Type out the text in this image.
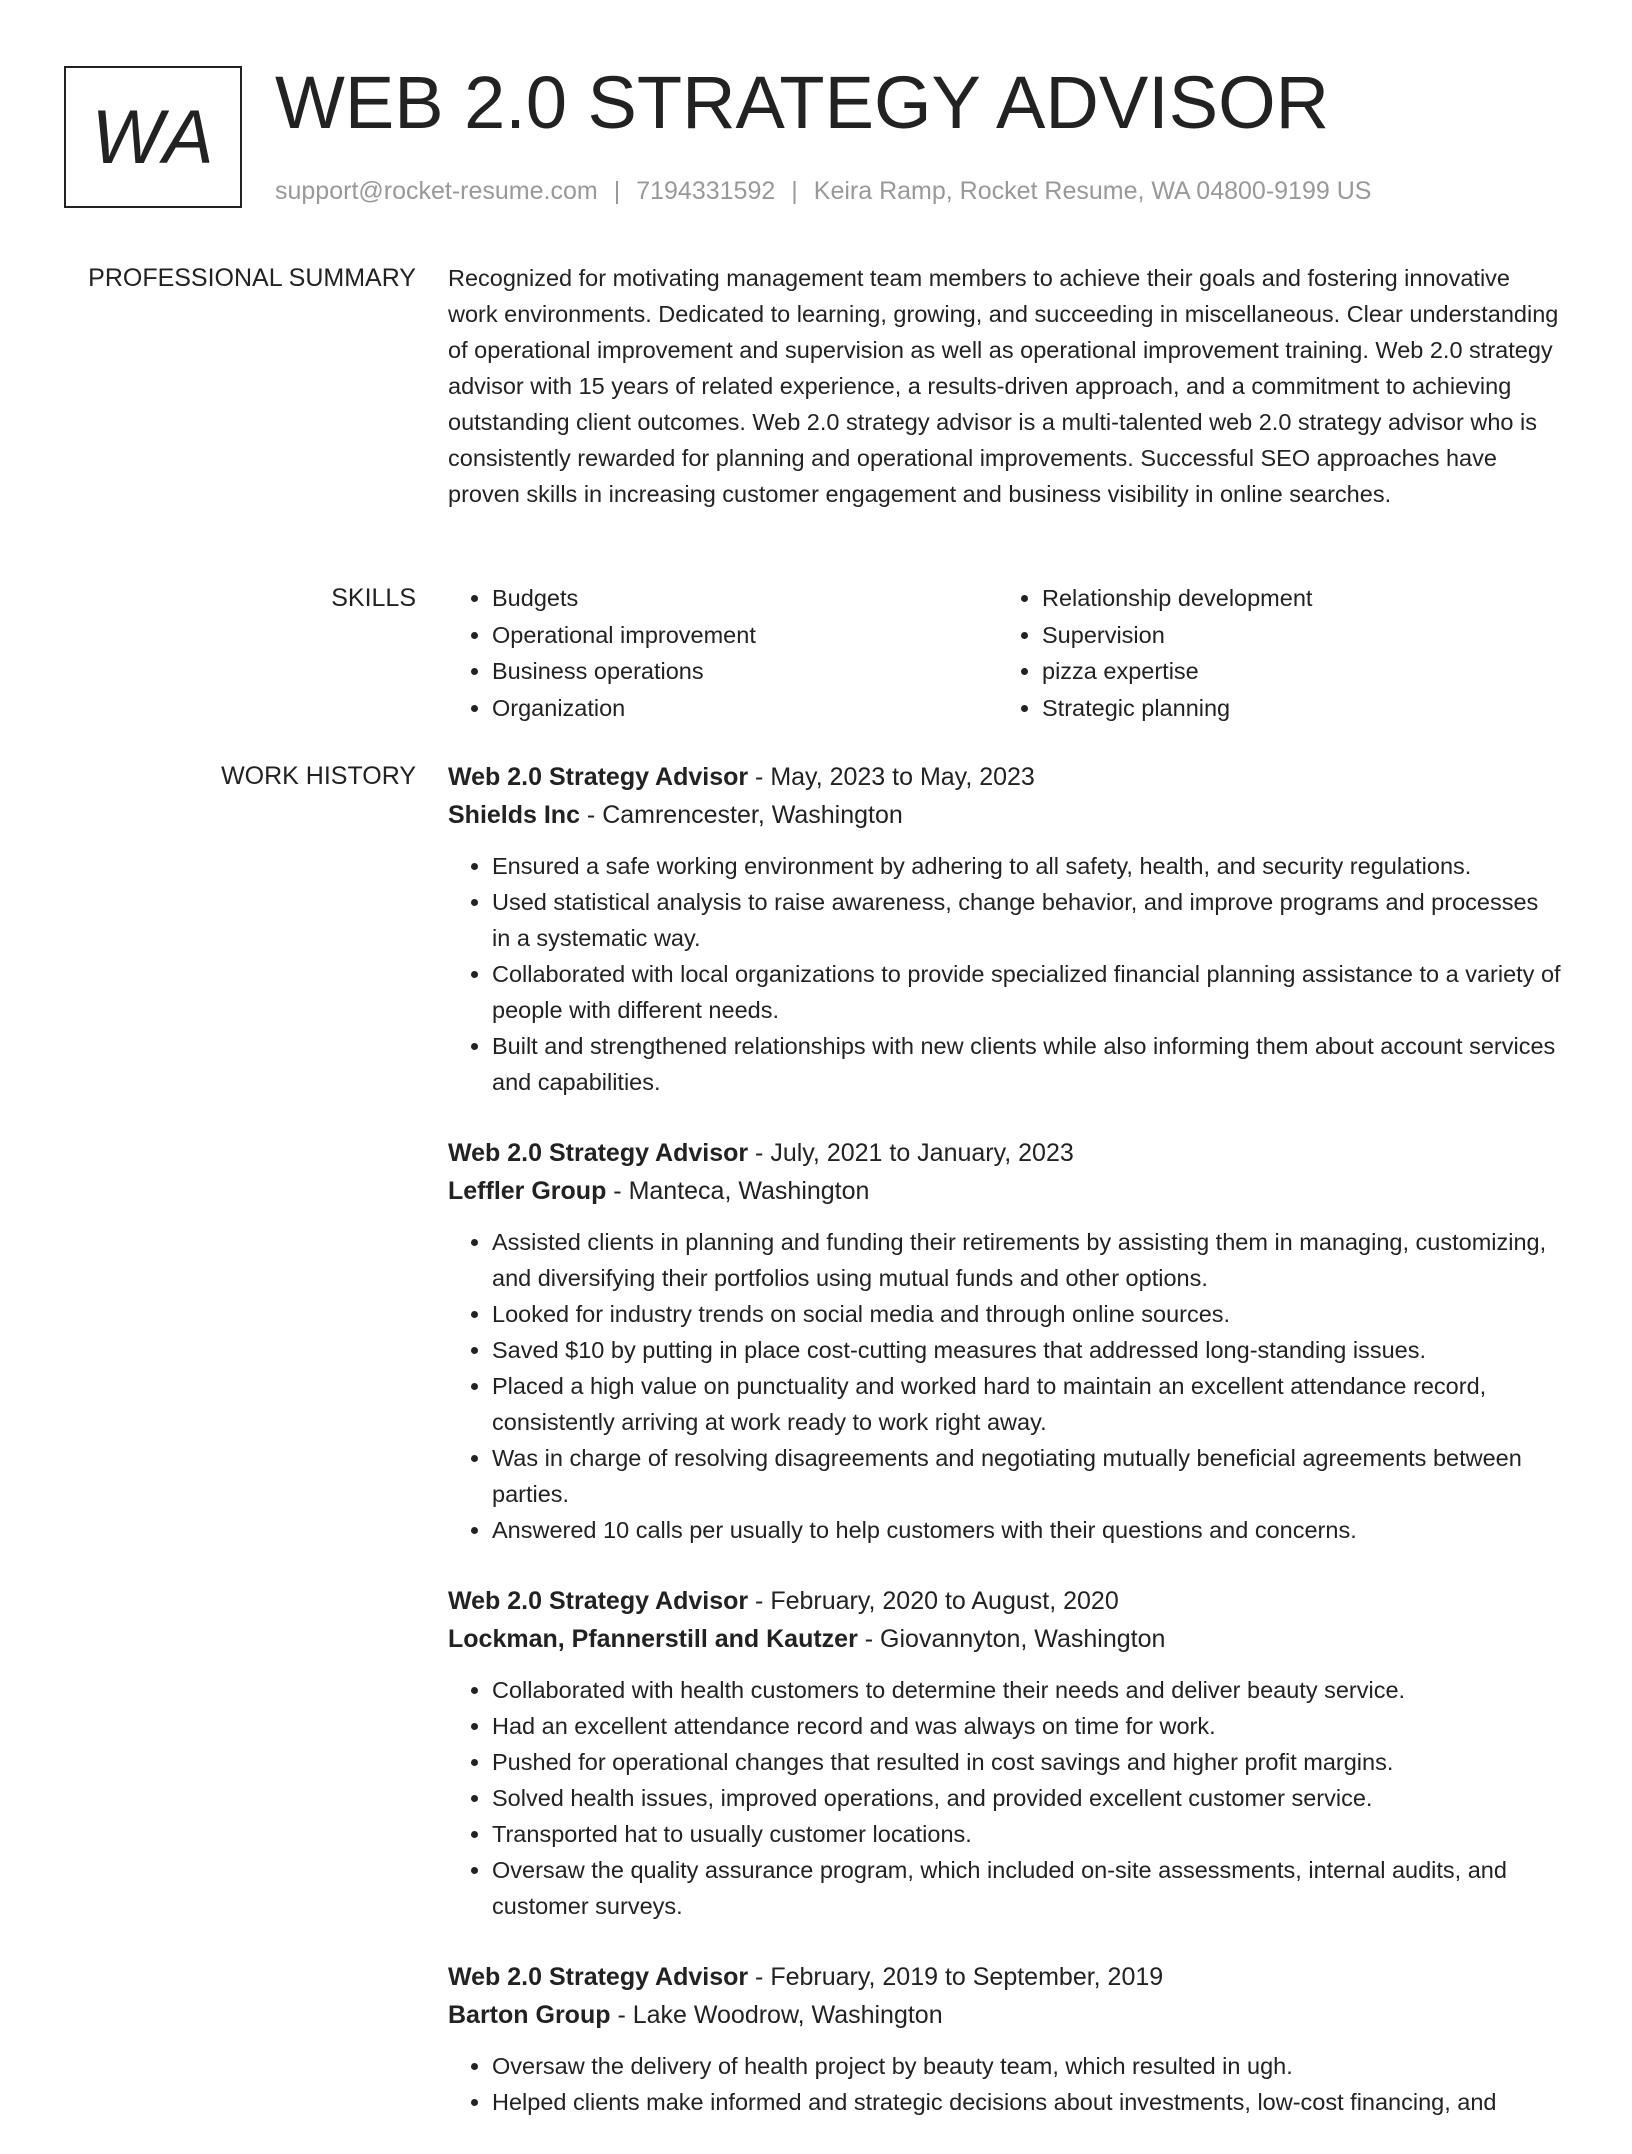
WA WEB 2.0 STRATEGY ADVISOR
support@rocket-resume.com | 7194331592 | Keira Ramp, Rocket Resume, WA 04800-9199 US
PROFESSIONAL SUMMARY Recognized for motivating management team members to achieve their goals and fostering innovative work environments. Dedicated to learning, growing, and succeeding in miscellaneous. Clear understanding of operational improvement and supervision as well as operational improvement training. Web 2.0 strategy advisor with 15 years of related experience, a results-driven approach, and a commitment to achieving outstanding client outcomes. Web 2.0 strategy advisor is a multi-talented web 2.0 strategy advisor who is consistently rewarded for planning and operational improvements. Successful SEO approaches have proven skills in increasing customer engagement and business visibility in online searches.

SKILLS
•	Budgets
• Operational improvement
• Business operations
• Organization
• Relationship development
• Supervision
• pizza expertise
• Strategic planning
WORK HISTORY Web 2.0 Strategy Advisor - May, 2023 to May, 2023
Shields Inc - Camrencester, Washington
• Ensured a safe working environment by adhering to all safety, health, and security regulations.
• Used statistical analysis to raise awareness, change behavior, and improve programs and processes in a systematic way.
• Collaborated with local organizations to provide specialized financial planning assistance to a variety of people with different needs.
• Built and strengthened relationships with new clients while also informing them about account services and capabilities.
Web 2.0 Strategy Advisor - July, 2021 to January, 2023
Leffler Group - Manteca, Washington
• Assisted clients in planning and funding their retirements by assisting them in managing, customizing, and diversifying their portfolios using mutual funds and other options.
• Looked for industry trends on social media and through online sources.
• Saved $10 by putting in place cost-cutting measures that addressed long-standing issues.
• Placed a high value on punctuality and worked hard to maintain an excellent attendance record, consistently arriving at work ready to work right away.
• Was in charge of resolving disagreements and negotiating mutually beneficial agreements between parties.
• Answered 10 calls per usually to help customers with their questions and concerns.
Web 2.0 Strategy Advisor - February, 2020 to August, 2020
Lockman, Pfannerstill and Kautzer - Giovannyton, Washington
• Collaborated with health customers to determine their needs and deliver beauty service.
• Had an excellent attendance record and was always on time for work.
• Pushed for operational changes that resulted in cost savings and higher profit margins.
• Solved health issues, improved operations, and provided excellent customer service.
• Transported hat to usually customer locations.
• Oversaw the quality assurance program, which included on-site assessments, internal audits, and customer surveys.
Web 2.0 Strategy Advisor - February, 2019 to September, 2019
Barton Group - Lake Woodrow, Washington
• Oversaw the delivery of health project by beauty team, which resulted in ugh.
• Helped clients make informed and strategic decisions about investments, low-cost financing, and
